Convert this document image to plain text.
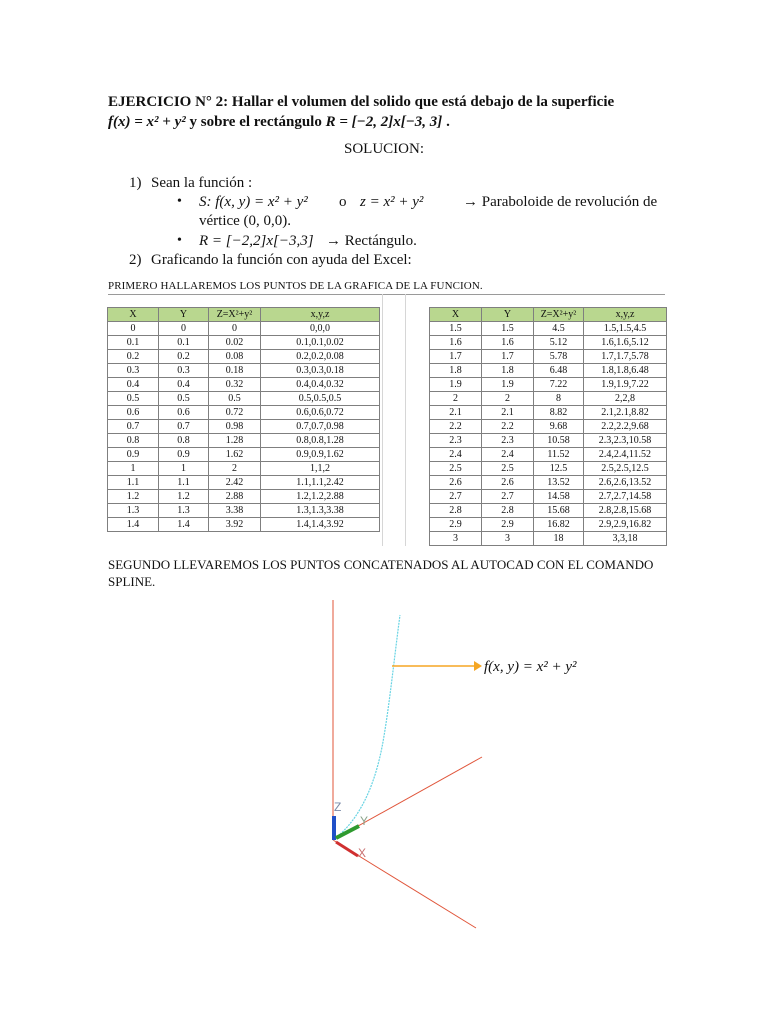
EJERCICIO N° 2: Hallar el volumen del solido que está debajo de la superficie
f(x) = x² + y² y sobre el rectángulo R = [−2, 2]x[−3, 3] .
SOLUCION:
1) Sean la función :
• S: f(x, y) = x² + y² o z = x² + y²	→ Paraboloide de revolución de
vértice (0, 0,0).
• R = [−2,2]x[−3,3] → Rectángulo.
2) Graficando la función con ayuda del Excel:
PRIMERO HALLAREMOS LOS PUNTOS DE LA GRAFICA DE LA FUNCION.
X	Y	Z=X²+y²	x,y,z
0	0	0	0,0,0
0.1	0.1	0.02	0.1,0.1,0.02
0.2	0.2	0.08	0.2,0.2,0.08
0.3	0.3	0.18	0.3,0.3,0.18
0.4	0.4	0.32	0.4,0.4,0.32
0.5	0.5	0.5	0.5,0.5,0.5
0.6	0.6	0.72	0.6,0.6,0.72
0.7	0.7	0.98	0.7,0.7,0.98
0.8	0.8	1.28	0.8,0.8,1.28
0.9	0.9	1.62	0.9,0.9,1.62
1	1	2	1,1,2
1.1	1.1	2.42	1.1,1.1,2.42
1.2	1.2	2.88	1.2,1.2,2.88
1.3	1.3	3.38	1.3,1.3,3.38
1.4	1.4	3.92	1.4,1.4,3.92
X	Y	Z=X²+y²	x,y,z
1.5	1.5	4.5	1.5,1.5,4.5
1.6	1.6	5.12	1.6,1.6,5.12
1.7	1.7	5.78	1.7,1.7,5.78
1.8	1.8	6.48	1.8,1.8,6.48
1.9	1.9	7.22	1.9,1.9,7.22
2	2	8	2,2,8
2.1	2.1	8.82	2.1,2.1,8.82
2.2	2.2	9.68	2.2,2.2,9.68
2.3	2.3	10.58	2.3,2.3,10.58
2.4	2.4	11.52	2.4,2.4,11.52
2.5	2.5	12.5	2.5,2.5,12.5
2.6	2.6	13.52	2.6,2.6,13.52
2.7	2.7	14.58	2.7,2.7,14.58
2.8	2.8	15.68	2.8,2.8,15.68
2.9	2.9	16.82	2.9,2.9,16.82
3	3	18	3,3,18
SEGUNDO LLEVAREMOS LOS PUNTOS CONCATENADOS AL AUTOCAD CON EL COMANDO SPLINE.
Z
Y
X
f(x, y) = x² + y²
